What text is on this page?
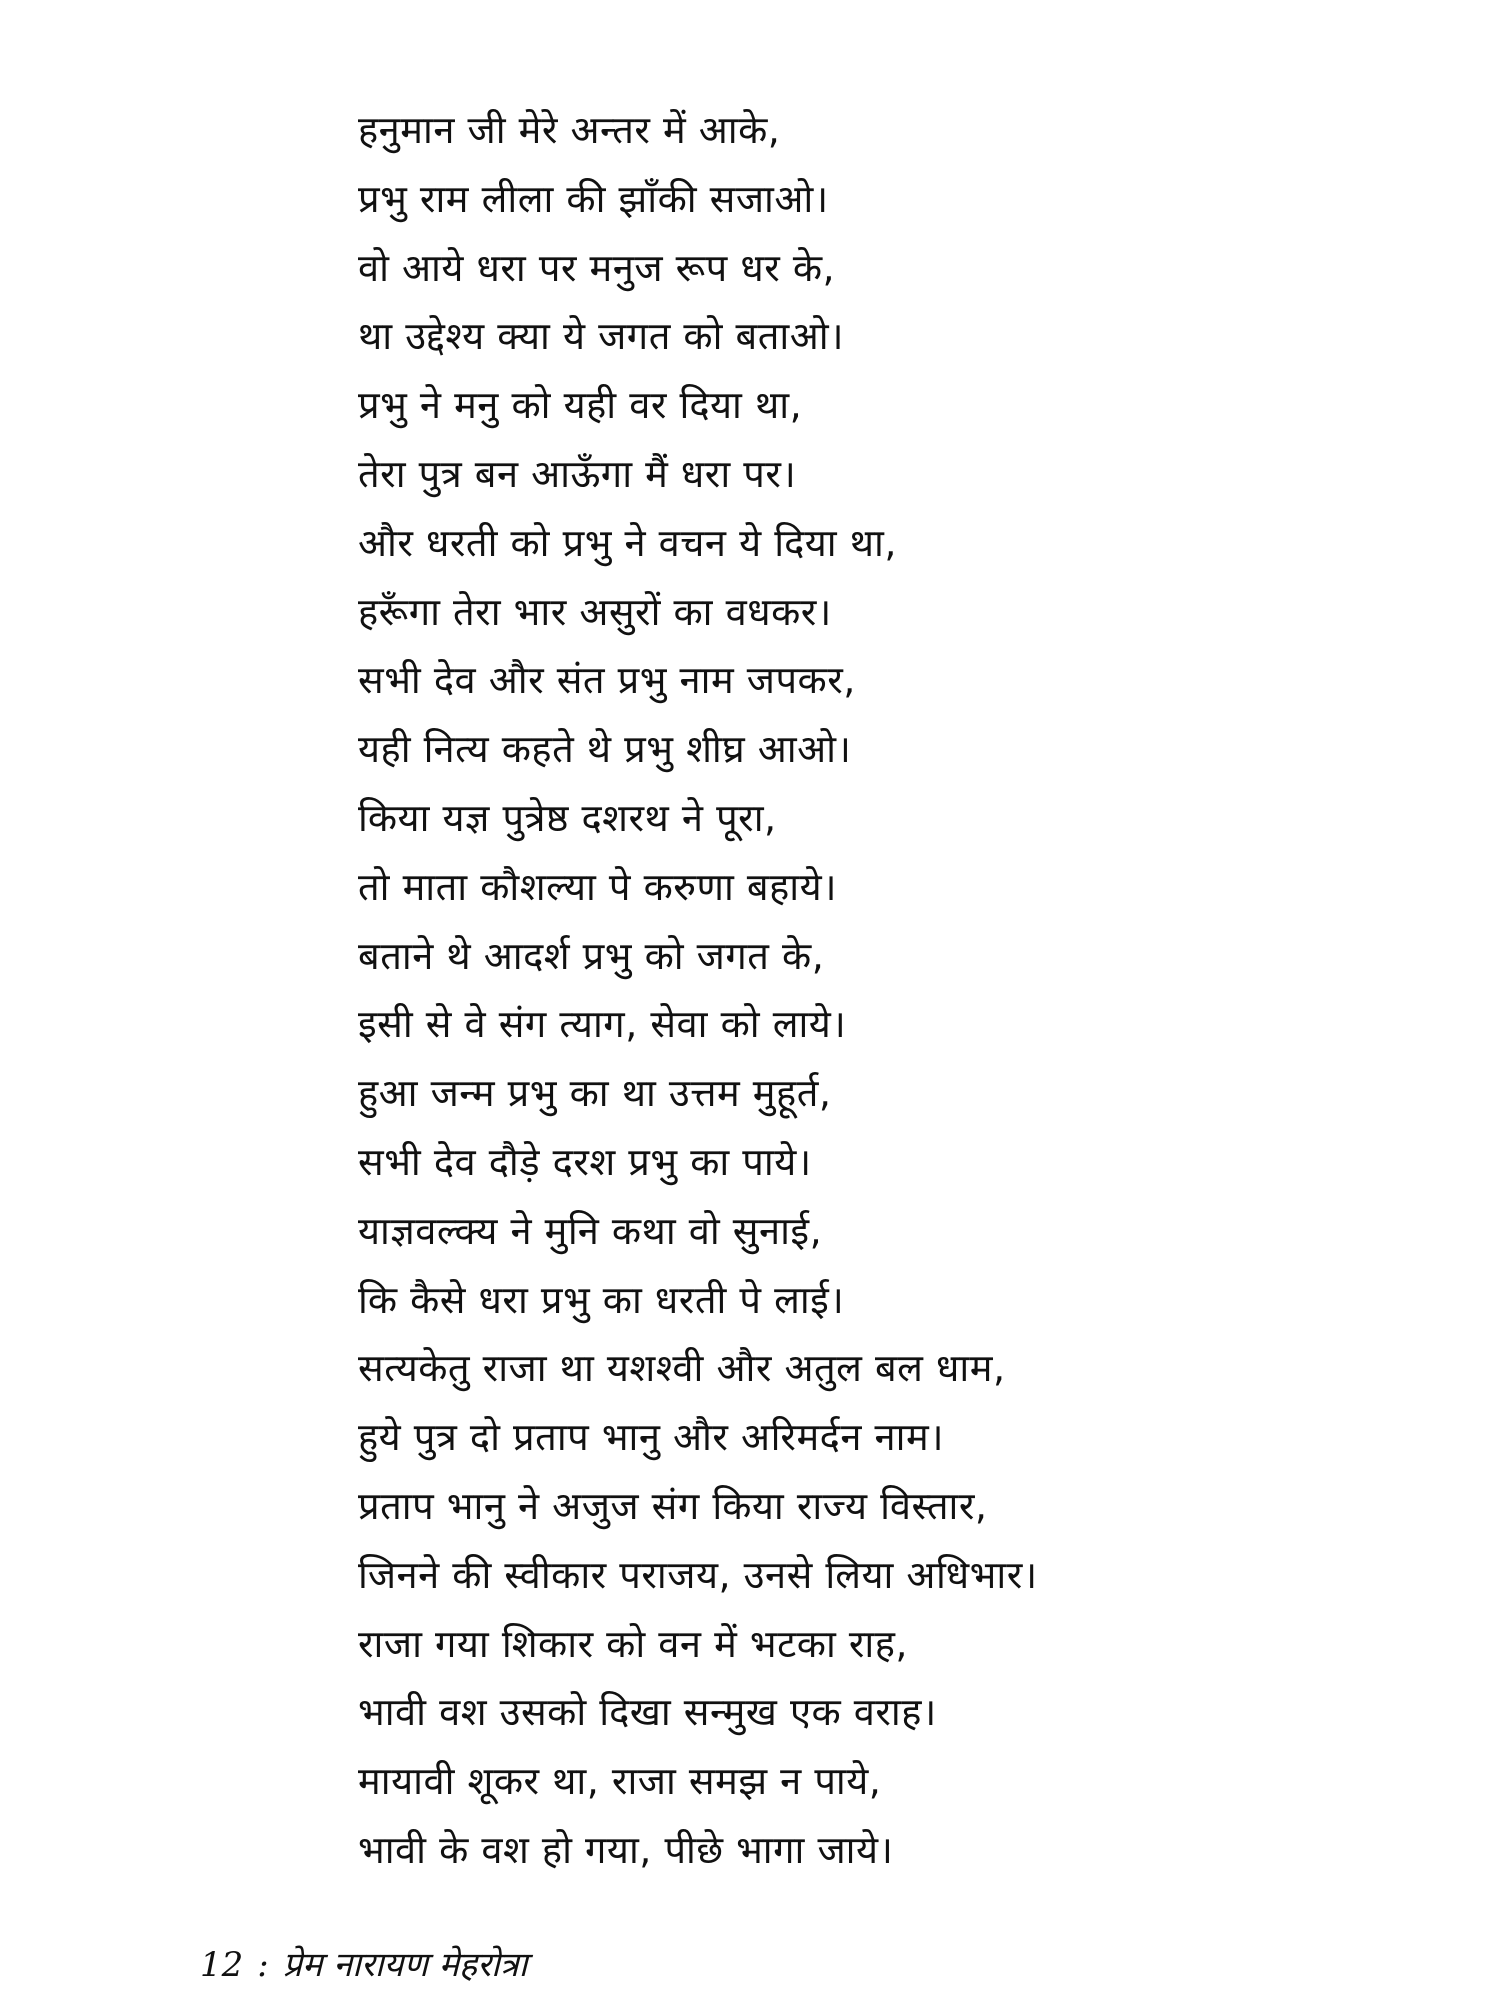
हनुमान जी मेरे अन्तर में आके,
प्रभु राम लीला की झाँकी सजाओ।
वो आये धरा पर मनुज रूप धर के,
था उद्देश्य क्या ये जगत को बताओ।
प्रभु ने मनु को यही वर दिया था,
तेरा पुत्र बन आऊँगा मैं धरा पर।
और धरती को प्रभु ने वचन ये दिया था,
हरूँगा तेरा भार असुरों का वधकर।
सभी देव और संत प्रभु नाम जपकर,
यही नित्य कहते थे प्रभु शीघ्र आओ।
किया यज्ञ पुत्रेष्ठ दशरथ ने पूरा,
तो माता कौशल्या पे करुणा बहाये।
बताने थे आदर्श प्रभु को जगत के,
इसी से वे संग त्याग, सेवा को लाये।
हुआ जन्म प्रभु का था उत्तम मुहूर्त,
सभी देव दौड़े दरश प्रभु का पाये।
याज्ञवल्क्य ने मुनि कथा वो सुनाई,
कि कैसे धरा प्रभु का धरती पे लाई।
सत्यकेतु राजा था यशश्वी और अतुल बल धाम,
हुये पुत्र दो प्रताप भानु और अरिमर्दन नाम।
प्रताप भानु ने अजुज संग किया राज्य विस्तार,
जिनने की स्वीकार पराजय, उनसे लिया अधिभार।
राजा गया शिकार को वन में भटका राह,
भावी वश उसको दिखा सन्मुख एक वराह।
मायावी शूकर था, राजा समझ न पाये,
भावी के वश हो गया, पीछे भागा जाये।
12 : प्रेम नारायण मेहरोत्रा
